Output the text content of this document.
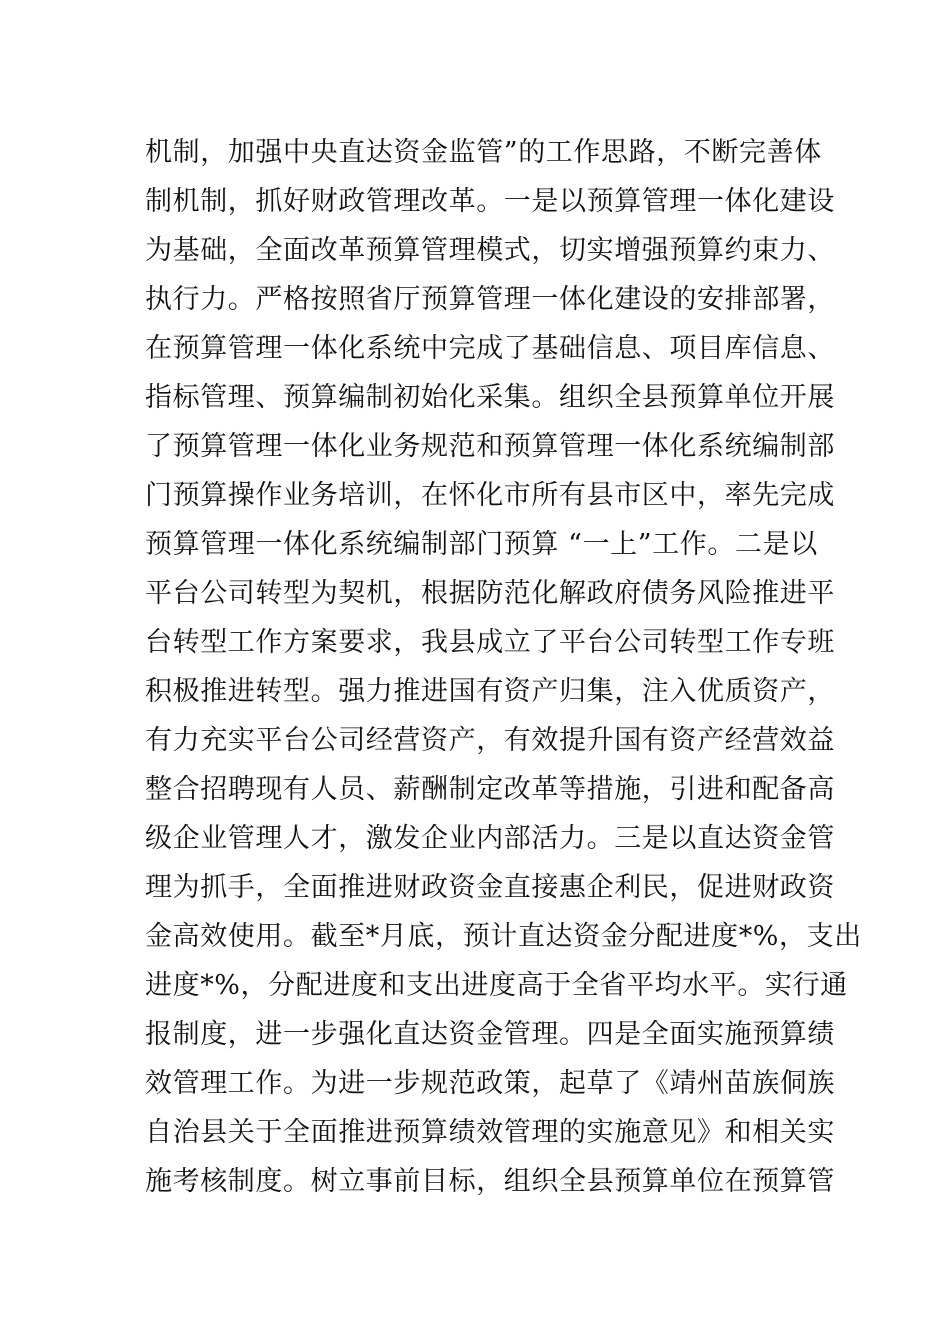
机制，加强中央直达资金监管”的工作思路，不断完善体
制机制，抓好财政管理改革。一是以预算管理一体化建设
为基础，全面改革预算管理模式，切实增强预算约束力、
执行力。严格按照省厅预算管理一体化建设的安排部署，
在预算管理一体化系统中完成了基础信息、项目库信息、
指标管理、预算编制初始化采集。组织全县预算单位开展
了预算管理一体化业务规范和预算管理一体化系统编制部
门预算操作业务培训，在怀化市所有县市区中，率先完成
预算管理一体化系统编制部门预算 “一上”工作。二是以
平台公司转型为契机，根据防范化解政府债务风险推进平
台转型工作方案要求，我县成立了平台公司转型工作专班
积极推进转型。强力推进国有资产归集，注入优质资产，
有力充实平台公司经营资产，有效提升国有资产经营效益
整合招聘现有人员、薪酬制定改革等措施，引进和配备高
级企业管理人才，激发企业内部活力。三是以直达资金管
理为抓手，全面推进财政资金直接惠企利民，促进财政资
金高效使用。截至*月底，预计直达资金分配进度*%，支出
进度*%，分配进度和支出进度高于全省平均水平。实行通
报制度，进一步强化直达资金管理。四是全面实施预算绩
效管理工作。为进一步规范政策，起草了《靖州苗族侗族
自治县关于全面推进预算绩效管理的实施意见》和相关实
施考核制度。树立事前目标，组织全县预算单位在预算管
